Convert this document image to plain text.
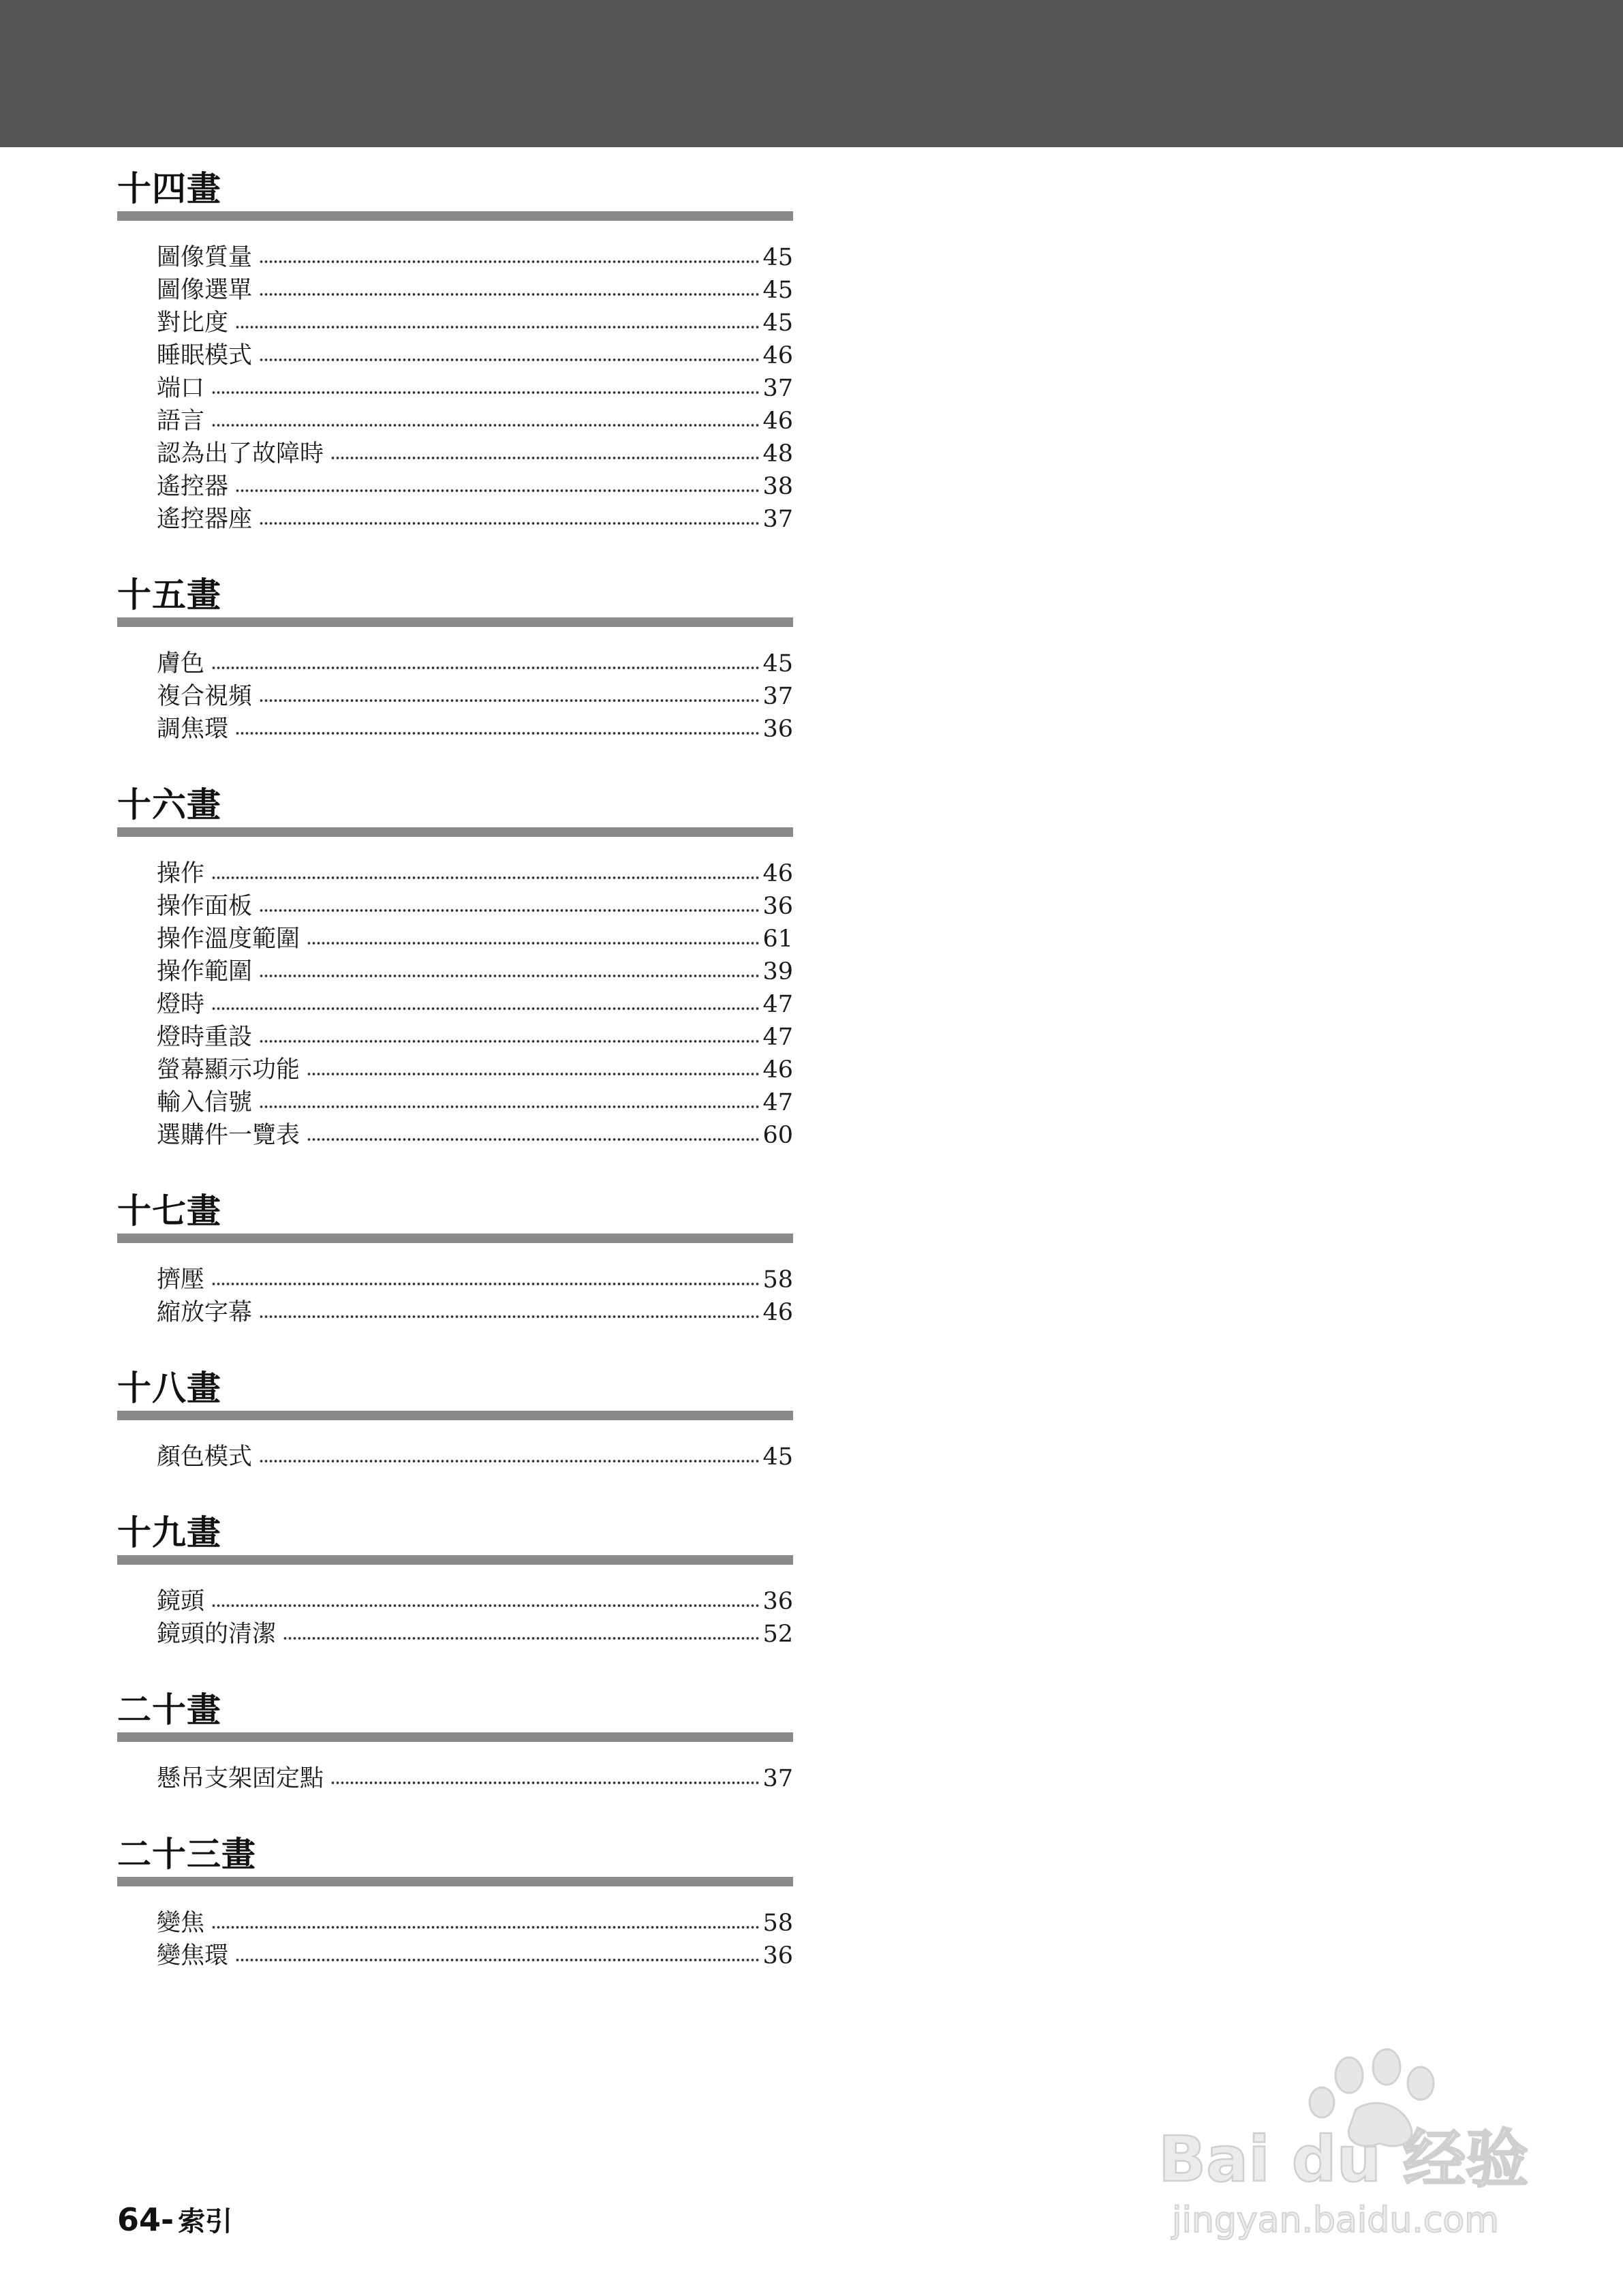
十四畫
圖像質量	45
圖像選單	45
對比度	45
睡眠模式	46
端口	37
語言	46
認為出了故障時	48
遙控器	38
遙控器座	37
十五畫
膚色	45
複合視頻	37
調焦環	36
十六畫
操作	46
操作面板	36
操作溫度範圍	61
操作範圍	39
燈時	47
燈時重設	47
螢幕顯示功能	46
輸入信號	47
選購件一覽表	60
十七畫
擠壓	58
縮放字幕	46
十八畫
顏色模式	45
十九畫
鏡頭	36
鏡頭的清潔	52
二十畫
懸吊支架固定點	37
二十三畫
變焦	58
變焦環	36
64- 索引
Bai du 经验
jingyan.baidu.com
